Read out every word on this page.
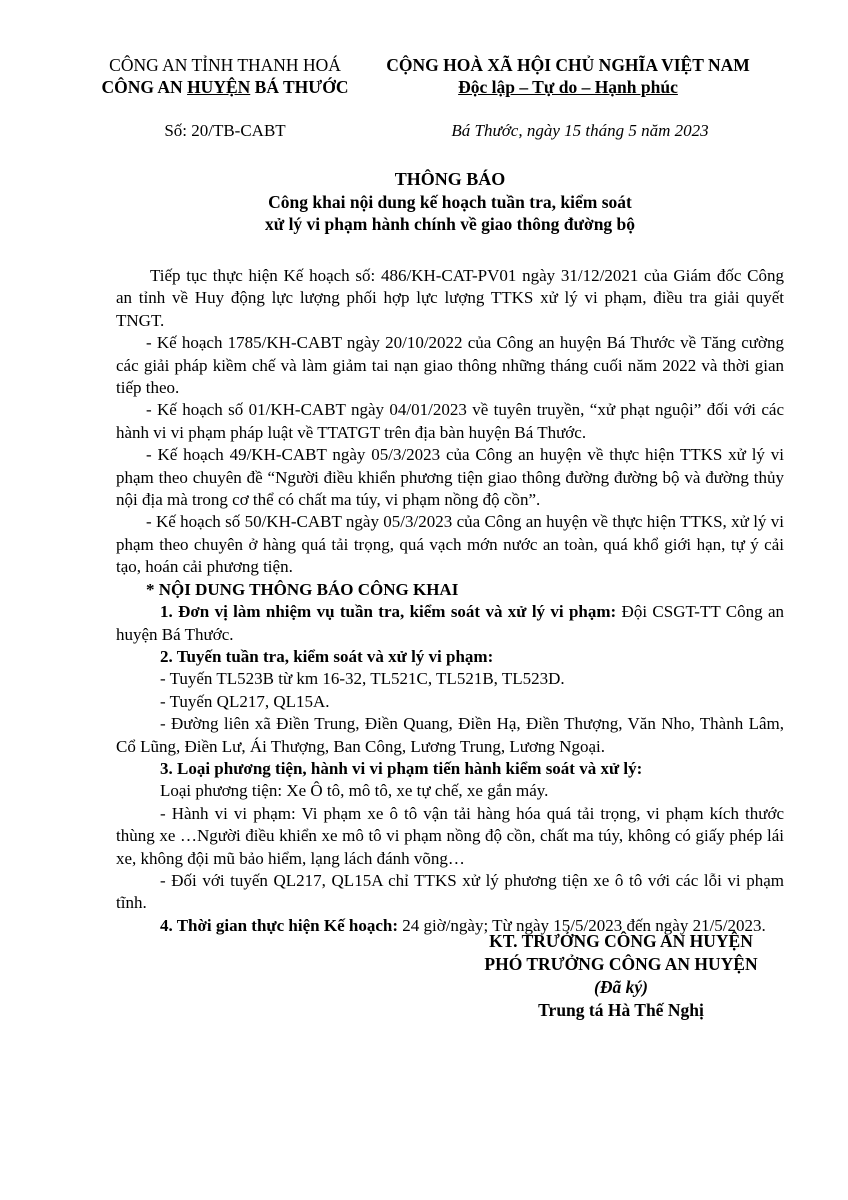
CÔNG AN TỈNH THANH HOÁ
CÔNG AN HUYỆN BÁ THƯỚC
CỘNG HOÀ XÃ HỘI CHỦ NGHĨA VIỆT NAM
Độc lập – Tự do – Hạnh phúc
Số: 20/TB-CABT	Bá Thước, ngày 15 tháng 5 năm 2023
THÔNG BÁO
Công khai nội dung kế hoạch tuần tra, kiểm soát
xử lý vi phạm hành chính về giao thông đường bộ

Tiếp tục thực hiện Kế hoạch số: 486/KH-CAT-PV01 ngày 31/12/2021 của Giám đốc Công an tỉnh về Huy động lực lượng phối hợp lực lượng TTKS xử lý vi phạm, điều tra giải quyết TNGT.

- Kế hoạch 1785/KH-CABT ngày 20/10/2022 của Công an huyện Bá Thước về Tăng cường các giải pháp kiềm chế và làm giảm tai nạn giao thông những tháng cuối năm 2022 và thời gian tiếp theo.

- Kế hoạch số 01/KH-CABT ngày 04/01/2023 về tuyên truyền, “xử phạt nguội” đối với các hành vi vi phạm pháp luật về TTATGT trên địa bàn huyện Bá Thước.

- Kế hoạch 49/KH-CABT ngày 05/3/2023 của Công an huyện về thực hiện TTKS xử lý vi phạm theo chuyên đề “Người điều khiển phương tiện giao thông đường đường bộ và đường thủy nội địa mà trong cơ thể có chất ma túy, vi phạm nồng độ cồn”.

- Kế hoạch số 50/KH-CABT ngày 05/3/2023 của Công an huyện về thực hiện TTKS, xử lý vi phạm theo chuyên ở hàng quá tải trọng, quá vạch mớn nước an toàn, quá khổ giới hạn, tự ý cải tạo, hoán cải phương tiện.

* NỘI DUNG THÔNG BÁO CÔNG KHAI

1. Đơn vị làm nhiệm vụ tuần tra, kiểm soát và xử lý vi phạm: Đội CSGT-TT Công an huyện Bá Thước.

2. Tuyến tuần tra, kiểm soát và xử lý vi phạm:

- Tuyến TL523B từ km 16-32, TL521C, TL521B, TL523D.

- Tuyến QL217, QL15A.

- Đường liên xã Điền Trung, Điền Quang, Điền Hạ, Điền Thượng, Văn Nho, Thành Lâm, Cổ Lũng, Điền Lư, Ái Thượng, Ban Công, Lương Trung, Lương Ngoại.

3. Loại phương tiện, hành vi vi phạm tiến hành kiểm soát và xử lý:

Loại phương tiện: Xe Ô tô, mô tô, xe tự chế, xe gắn máy.

- Hành vi vi phạm: Vi phạm xe ô tô vận tải hàng hóa quá tải trọng, vi phạm kích thước thùng xe …Người điều khiển xe mô tô vi phạm nồng độ cồn, chất ma túy, không có giấy phép lái xe, không đội mũ bảo hiểm, lạng lách đánh võng…

- Đối với tuyến QL217, QL15A chỉ TTKS xử lý phương tiện xe ô tô với các lỗi vi phạm tĩnh.

4. Thời gian thực hiện Kế hoạch: 24 giờ/ngày; Từ ngày 15/5/2023 đến ngày 21/5/2023.

KT. TRƯỞNG CÔNG AN HUYỆN
PHÓ TRƯỞNG CÔNG AN HUYỆN
(Đã ký)
Trung tá Hà Thế Nghị
